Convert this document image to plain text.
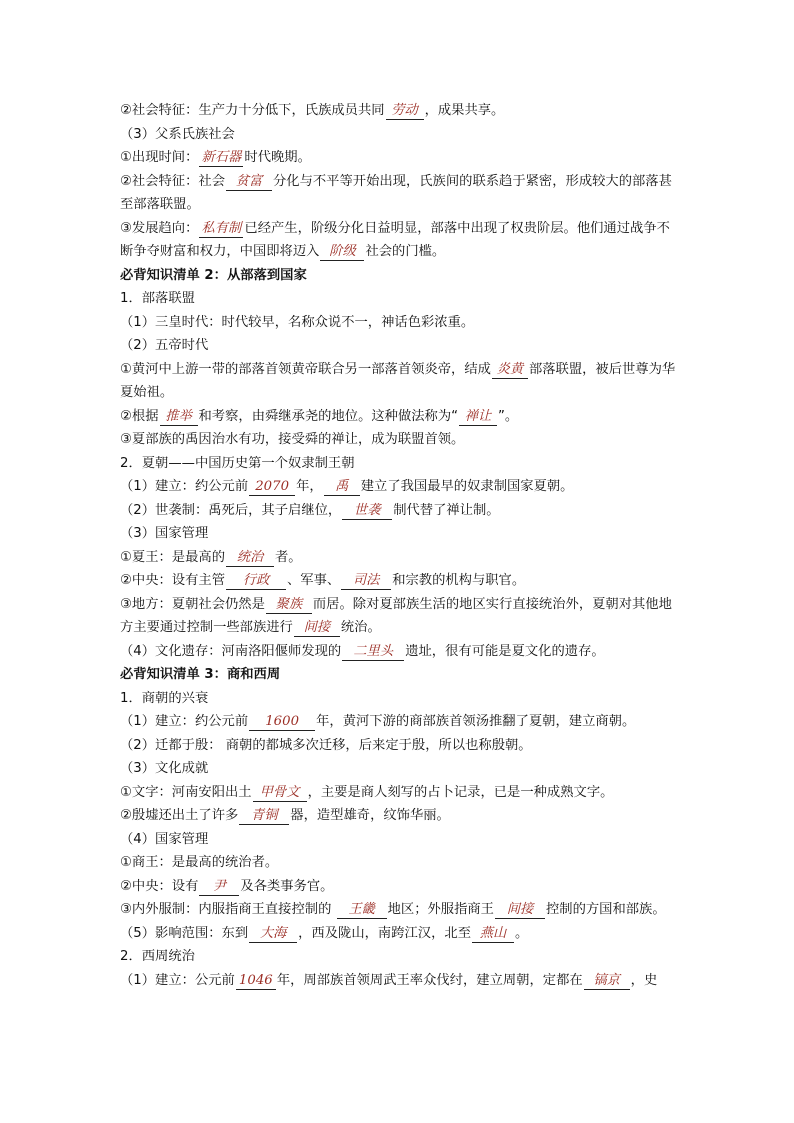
②社会特征：生产力十分低下，氏族成员共同 劳动 ，成果共享。
（3）父系氏族社会
①出现时间： 新石器 时代晚期。
②社会特征：社会 贫富 分化与不平等开始出现，氏族间的联系趋于紧密，形成较大的部落甚至部落联盟。
③发展趋向： 私有制 已经产生，阶级分化日益明显，部落中出现了权贵阶层。他们通过战争不断争夺财富和权力，中国即将迈入 阶级 社会的门槛。
必背知识清单 2：从部落到国家
1．部落联盟
（1）三皇时代：时代较早，名称众说不一，神话色彩浓重。
（2）五帝时代
①黄河中上游一带的部落首领黄帝联合另一部落首领炎帝，结成 炎黄 部落联盟，被后世尊为华夏始祖。
②根据 推举 和考察，由舜继承尧的地位。这种做法称为“ 禅让 ”。
③夏部族的禹因治水有功，接受舜的禅让，成为联盟首领。
2．夏朝——中国历史第一个奴隶制王朝
（1）建立：约公元前 2070 年， 禹 建立了我国最早的奴隶制国家夏朝。
（2）世袭制：禹死后，其子启继位， 世袭 制代替了禅让制。
（3）国家管理
①夏王：是最高的 统治 者。
②中央：设有主管 行政 、军事、 司法 和宗教的机构与职官。
③地方：夏朝社会仍然是 聚族 而居。除对夏部族生活的地区实行直接统治外，夏朝对其他地方主要通过控制一些部族进行 间接 统治。
（4）文化遗存：河南洛阳偃师发现的 二里头 遗址，很有可能是夏文化的遗存。
必背知识清单 3：商和西周
1．商朝的兴衰
（1）建立：约公元前 1600 年，黄河下游的商部族首领汤推翻了夏朝，建立商朝。
（2）迁都于殷： 商朝的都城多次迁移，后来定于殷，所以也称殷朝。
（3）文化成就
①文字：河南安阳出土 甲骨文 ，主要是商人刻写的占卜记录，已是一种成熟文字。
②殷墟还出土了许多 青铜 器，造型雄奇，纹饰华丽。
（4）国家管理
①商王：是最高的统治者。
②中央：设有 尹 及各类事务官。
③内外服制：内服指商王直接控制的 王畿 地区；外服指商王 间接 控制的方国和部族。
（5）影响范围：东到 大海 ，西及陇山，南跨江汉，北至 燕山 。
2．西周统治
（1）建立：公元前 1046 年，周部族首领周武王率众伐纣，建立周朝，定都在 镐京 ，史
